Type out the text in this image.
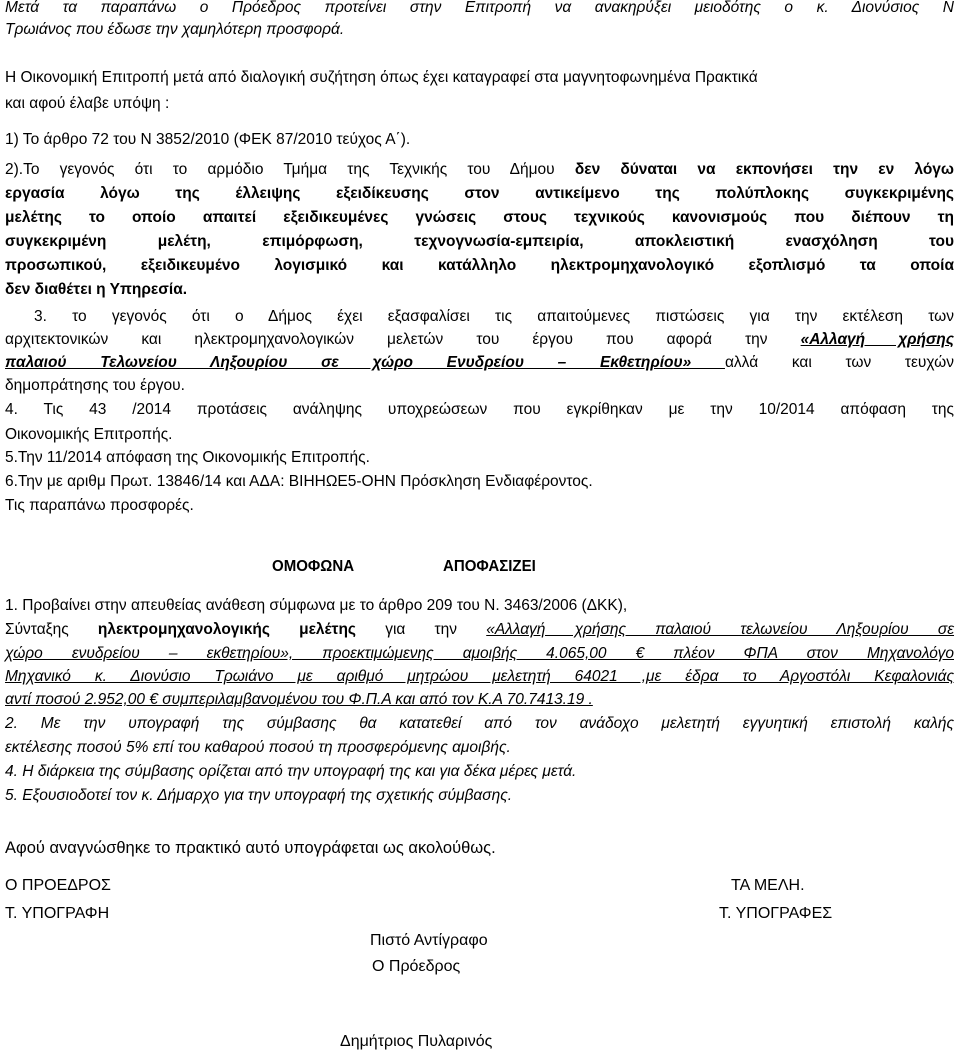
Μετά τα παραπάνω ο Πρόεδρος προτείνει στην Επιτροπή να ανακηρύξει μειοδότης ο κ. Διονύσιος Ν
Τρωιάνος που έδωσε την χαμηλότερη προσφορά.
Η Οικονομική Επιτροπή μετά από διαλογική συζήτηση όπως έχει καταγραφεί στα μαγνητοφωνημένα Πρακτικά
και αφού έλαβε υπόψη :
1) Το άρθρο 72 του Ν 3852/2010 (ΦΕΚ 87/2010 τεύχος Α΄).
2).Το γεγονός ότι το αρμόδιο Τμήμα της Τεχνικής του Δήμου δεν δύναται να εκπονήσει την εν λόγω
εργασία λόγω της έλλειψης εξειδίκευσης στον αντικείμενο της πολύπλοκης συγκεκριμένης
μελέτης το οποίο απαιτεί εξειδικευμένες γνώσεις στους τεχνικούς κανονισμούς που διέπουν τη
συγκεκριμένη μελέτη, επιμόρφωση, τεχνογνωσία-εμπειρία, αποκλειστική ενασχόληση του
προσωπικού, εξειδικευμένο λογισμικό και κατάλληλο ηλεκτρομηχανολογικό εξοπλισμό τα οποία
δεν διαθέτει η Υπηρεσία.
3. το γεγονός ότι ο Δήμος έχει εξασφαλίσει τις απαιτούμενες πιστώσεις για την εκτέλεση των
αρχιτεκτονικών και ηλεκτρομηχανολογικών μελετών του έργου που αφορά την «Αλλαγή χρήσης
παλαιού Τελωνείου Ληξουρίου σε χώρο Ενυδρείου – Εκθετηρίου» αλλά και των τευχών
δημοπράτησης του έργου.
4. Τις 43 /2014 προτάσεις ανάληψης υποχρεώσεων που εγκρίθηκαν με την 10/2014 απόφαση της
Οικονομικής Επιτροπής.
5.Την 11/2014 απόφαση της Οικονομικής Επιτροπής.
6.Την με αριθμ Πρωτ. 13846/14 και ΑΔΑ: ΒΙΗΗΩΕ5-ΟΗΝ Πρόσκληση Ενδιαφέροντος.
Τις παραπάνω προσφορές.
ΟΜΟΦΩΝΑ	ΑΠΟΦΑΣΙΖΕΙ
1. Προβαίνει στην απευθείας ανάθεση σύμφωνα με το άρθρο 209 του Ν. 3463/2006 (ΔΚΚ),
Σύνταξης ηλεκτρομηχανολογικής μελέτης για την «Αλλαγή χρήσης παλαιού τελωνείου Ληξουρίου σε
χώρο ενυδρείου – εκθετηρίου», προεκτιμώμενης αμοιβής 4.065,00 € πλέον ΦΠΑ στον Μηχανολόγο
Μηχανικό κ. Διονύσιο Τρωιάνο με αριθμό μητρώου μελετητή 64021 ,με έδρα το Αργοστόλι Κεφαλονιάς
αντί ποσού 2.952,00 € συμπεριλαμβανομένου του Φ.Π.Α και από τον Κ.Α 70.7413.19 .
2. Με την υπογραφή της σύμβασης θα κατατεθεί από τον ανάδοχο μελετητή εγγυητική επιστολή καλής
εκτέλεσης ποσού 5% επί του καθαρού ποσού τη προσφερόμενης αμοιβής.
4. Η διάρκεια της σύμβασης ορίζεται από την υπογραφή της και για δέκα μέρες μετά.
5. Εξουσιοδοτεί τον κ. Δήμαρχο για την υπογραφή της σχετικής σύμβασης.
Αφού αναγνώσθηκε το πρακτικό αυτό υπογράφεται ως ακολούθως.
Ο ΠΡΟΕΔΡΟΣ	ΤΑ ΜΕΛΗ.
Τ. ΥΠΟΓΡΑΦΗ	Τ. ΥΠΟΓΡΑΦΕΣ
Πιστό Αντίγραφο
Ο Πρόεδρος
Δημήτριος Πυλαρινός
